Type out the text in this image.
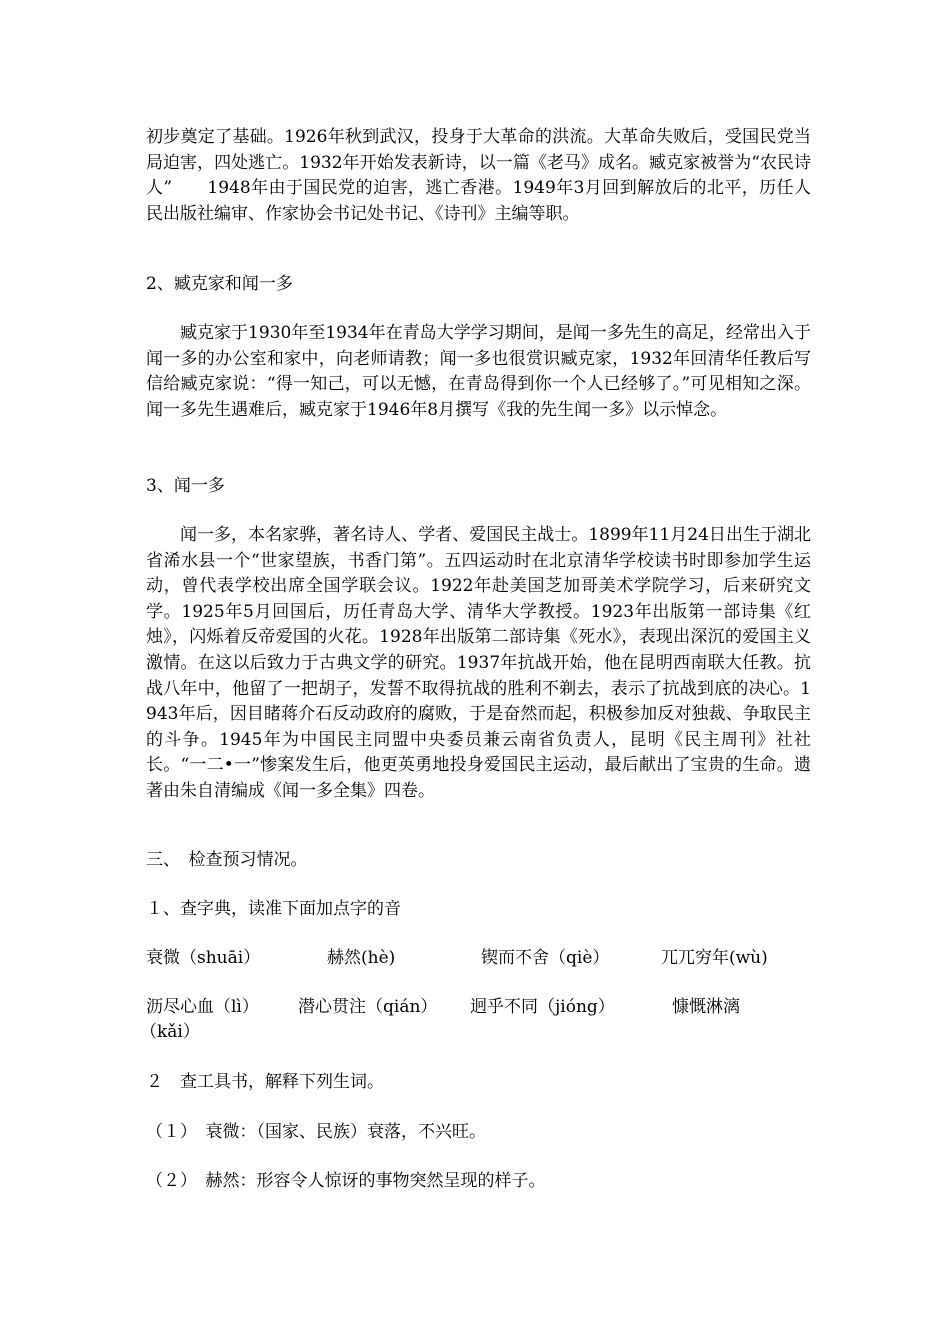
初步奠定了基础。1926年秋到武汉，投身于大革命的洪流。大革命失败后，受国民党当局迫害，四处逃亡。1932年开始发表新诗，以一篇《老马》成名。臧克家被誉为“农民诗人”　　1948年由于国民党的迫害，逃亡香港。1949年3月回到解放后的北平，历任人民出版社编审、作家协会书记处书记、《诗刊》主编等职。

2、臧克家和闻一多

臧克家于1930年至1934年在青岛大学学习期间，是闻一多先生的高足，经常出入于闻一多的办公室和家中，向老师请教；闻一多也很赏识臧克家，1932年回清华任教后写信给臧克家说：“得一知己，可以无憾，在青岛得到你一个人已经够了。”可见相知之深。闻一多先生遇难后，臧克家于1946年8月撰写《我的先生闻一多》以示悼念。

3、闻一多

闻一多，本名家骅，著名诗人、学者、爱国民主战士。1899年11月24日出生于湖北省浠水县一个“世家望族，书香门第”。五四运动时在北京清华学校读书时即参加学生运动，曾代表学校出席全国学联会议。1922年赴美国芝加哥美术学院学习，后来研究文学。1925年5月回国后，历任青岛大学、清华大学教授。1923年出版第一部诗集《红烛》，闪烁着反帝爱国的火花。1928年出版第二部诗集《死水》，表现出深沉的爱国主义激情。在这以后致力于古典文学的研究。1937年抗战开始，他在昆明西南联大任教。抗战八年中，他留了一把胡子，发誓不取得抗战的胜利不剃去，表示了抗战到底的决心。1943年后，因目睹蒋介石反动政府的腐败，于是奋然而起，积极参加反对独裁、争取民主的斗争。1945年为中国民主同盟中央委员兼云南省负责人，昆明《民主周刊》社社长。“一二•一”惨案发生后，他更英勇地投身爱国民主运动，最后献出了宝贵的生命。遗著由朱自清编成《闻一多全集》四卷。

三、　检查预习情况。

１、查字典，读准下面加点字的音

衰微（shuāi）	赫然(hè)	锲而不舍（qiè）	兀兀穷年(wù)
沥尽心血（lì） 潜心贯注（qián） 迥乎不同（jióng）	慷慨淋漓
（kǎi）

２　查工具书，解释下列生词。

（１）　衰微：（国家、民族）衰落，不兴旺。

（２）　赫然：形容令人惊讶的事物突然呈现的样子。
